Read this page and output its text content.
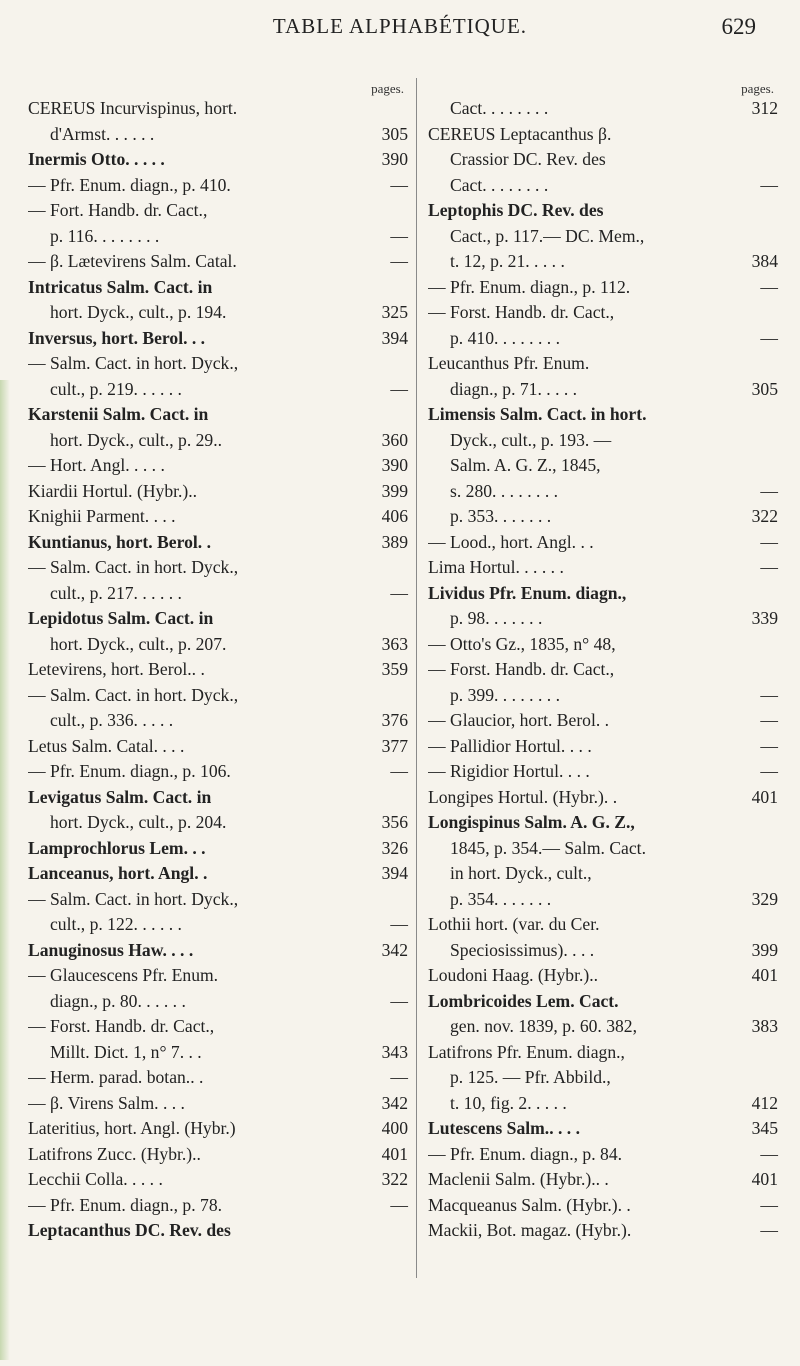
TABLE ALPHABÉTIQUE.	629
pages.
CEREUS Incurvispinus, hort.
d'Armst. . . . . .	305
Inermis Otto. . . . .	390
— Pfr. Enum. diagn., p. 410.	—
— Fort. Handb. dr. Cact.,
p. 116. . . . . . . .	—
— β. Lætevirens Salm. Catal.	—
Intricatus Salm. Cact. in
hort. Dyck., cult., p. 194.	325
Inversus, hort. Berol. . .	394
— Salm. Cact. in hort. Dyck.,
cult., p. 219. . . . . .	—
Karstenii Salm. Cact. in
hort. Dyck., cult., p. 29..	360
— Hort. Angl. . . . .	390
Kiardii Hortul. (Hybr.)..	399
Knighii Parment. . . .	406
Kuntianus, hort. Berol. .	389
— Salm. Cact. in hort. Dyck.,
cult., p. 217. . . . . .	—
Lepidotus Salm. Cact. in
hort. Dyck., cult., p. 207.	363
Letevirens, hort. Berol.. .	359
— Salm. Cact. in hort. Dyck.,
cult., p. 336. . . . .	376
Letus Salm. Catal. . . .	377
— Pfr. Enum. diagn., p. 106.	—
Levigatus Salm. Cact. in
hort. Dyck., cult., p. 204.	356
Lamprochlorus Lem. . .	326
Lanceanus, hort. Angl. .	394
— Salm. Cact. in hort. Dyck.,
cult., p. 122. . . . . .	—
Lanuginosus Haw. . . .	342
— Glaucescens Pfr. Enum.
diagn., p. 80. . . . . .	—
— Forst. Handb. dr. Cact.,
Millt. Dict. 1, n° 7. . .	343
— Herm. parad. botan.. .	—
— β. Virens Salm. . . .	342
Lateritius, hort. Angl. (Hybr.)	400
Latifrons Zucc. (Hybr.)..	401
Lecchii Colla. . . . .	322
— Pfr. Enum. diagn., p. 78.	—
Leptacanthus DC. Rev. des
pages.
Cact. . . . . . . .	312
CEREUS Leptacanthus β.
Crassior DC. Rev. des
Cact. . . . . . . .	—
Leptophis DC. Rev. des
Cact., p. 117.— DC. Mem.,
t. 12, p. 21. . . . .	384
— Pfr. Enum. diagn., p. 112.	—
— Forst. Handb. dr. Cact.,
p. 410. . . . . . . .	—
Leucanthus Pfr. Enum.
diagn., p. 71. . . . .	305
Limensis Salm. Cact. in hort.
Dyck., cult., p. 193. —
Salm. A. G. Z., 1845,
s. 280. . . . . . . .	—
p. 353. . . . . . .	322
— Lood., hort. Angl. . .	—
Lima Hortul. . . . . .	—
Lividus Pfr. Enum. diagn.,
p. 98. . . . . . .	339
— Otto's Gz., 1835, n° 48,
— Forst. Handb. dr. Cact.,
p. 399. . . . . . . .	—
— Glaucior, hort. Berol. .	—
— Pallidior Hortul. . . .	—
— Rigidior Hortul. . . .	—
Longipes Hortul. (Hybr.). .	401
Longispinus Salm. A. G. Z.,
1845, p. 354.— Salm. Cact.
in hort. Dyck., cult.,
p. 354. . . . . . .	329
Lothii hort. (var. du Cer.
Speciosissimus). . . .	399
Loudoni Haag. (Hybr.)..	401
Lombricoides Lem. Cact.
gen. nov. 1839, p. 60. 382,	383
Latifrons Pfr. Enum. diagn.,
p. 125. — Pfr. Abbild.,
t. 10, fig. 2. . . . .	412
Lutescens Salm.. . . .	345
— Pfr. Enum. diagn., p. 84.	—
Maclenii Salm. (Hybr.).. .	401
Macqueanus Salm. (Hybr.). .	—
Mackii, Bot. magaz. (Hybr.).	—
